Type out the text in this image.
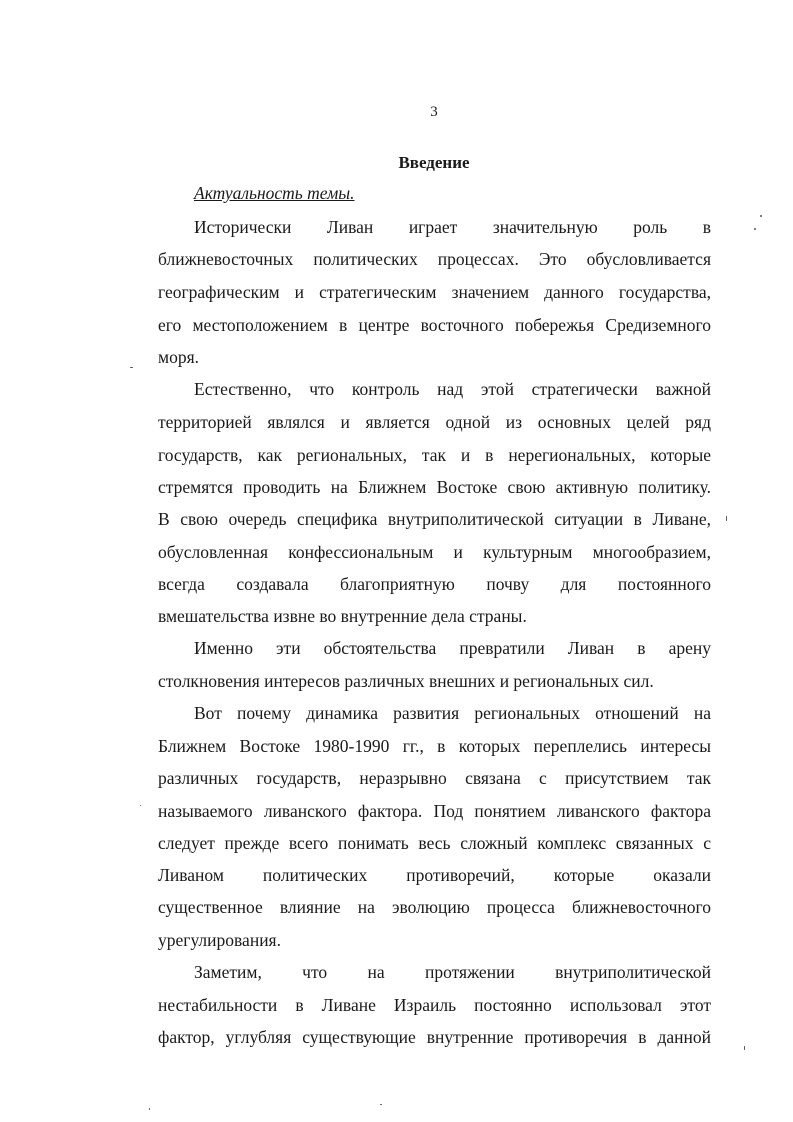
3
Введение
Актуальность темы.
Исторически Ливан играет значительную роль в
ближневосточных политических процессах. Это обусловливается
географическим и стратегическим значением данного государства,
его местоположением в центре восточного побережья Средиземного
моря.
Естественно, что контроль над этой стратегически важной
территорией являлся и является одной из основных целей ряд
государств, как региональных, так и в нерегиональных, которые
стремятся проводить на Ближнем Востоке свою активную политику.
В свою очередь специфика внутриполитической ситуации в Ливане,
обусловленная конфессиональным и культурным многообразием,
всегда создавала благоприятную почву для постоянного
вмешательства извне во внутренние дела страны.
Именно эти обстоятельства превратили Ливан в арену
столкновения интересов различных внешних и региональных сил.
Вот почему динамика развития региональных отношений на
Ближнем Востоке 1980-1990 гг., в которых переплелись интересы
различных государств, неразрывно связана с присутствием так
называемого ливанского фактора. Под понятием ливанского фактора
следует прежде всего понимать весь сложный комплекс связанных с
Ливаном политических противоречий, которые оказали
существенное влияние на эволюцию процесса ближневосточного
урегулирования.
Заметим, что на протяжении внутриполитической
нестабильности в Ливане Израиль постоянно использовал этот
фактор, углубляя существующие внутренние противоречия в данной
